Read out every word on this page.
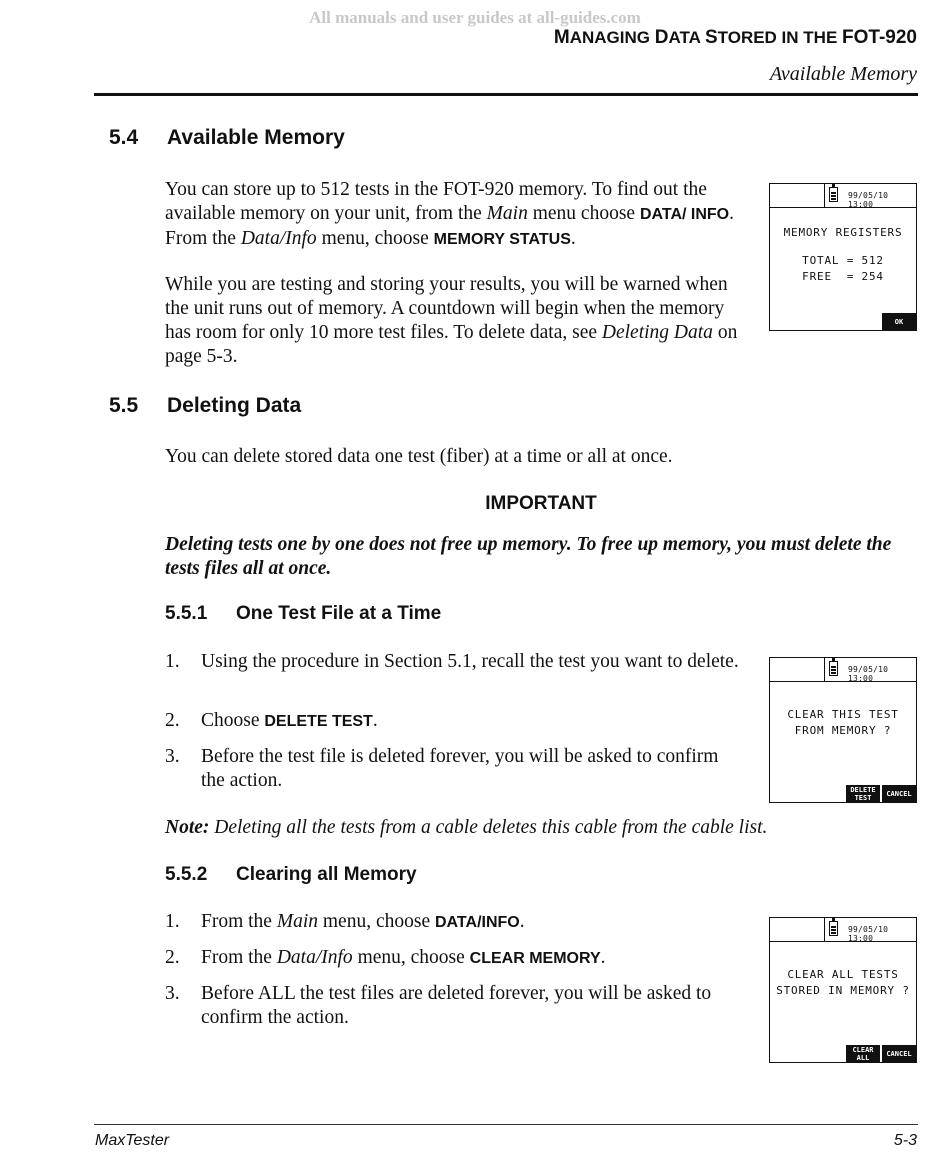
All manuals and user guides at all-guides.com
MANAGING DATA STORED IN THE FOT-920
Available Memory
5.4 Available Memory
You can store up to 512 tests in the FOT-920 memory. To find out the available memory on your unit, from the Main menu choose DATA/ INFO. From the Data/Info menu, choose MEMORY STATUS.
While you are testing and storing your results, you will be warned when the unit runs out of memory. A countdown will begin when the memory has room for only 10 more test files. To delete data, see Deleting Data on page 5-3.
99/05/10 13:00
MEMORY REGISTERS
TOTAL = 512
FREE  = 254
OK
5.5 Deleting Data
You can delete stored data one test (fiber) at a time or all at once.
IMPORTANT
Deleting tests one by one does not free up memory. To free up memory, you must delete the tests files all at once.
5.5.1 One Test File at a Time
1.	Using the procedure in Section 5.1, recall the test you want to delete.
2.	Choose DELETE TEST.
3.	Before the test file is deleted forever, you will be asked to confirm the action.
99/05/10 13:00
CLEAR THIS TEST
FROM MEMORY ?
DELETE TEST	CANCEL
Note: Deleting all the tests from a cable deletes this cable from the cable list.
5.5.2 Clearing all Memory
1.	From the Main menu, choose DATA/INFO.
2.	From the Data/Info menu, choose CLEAR MEMORY.
3.	Before ALL the test files are deleted forever, you will be asked to confirm the action.
99/05/10 13:00
CLEAR ALL TESTS
STORED IN MEMORY ?
CLEAR ALL	CANCEL
MaxTester	5-3
